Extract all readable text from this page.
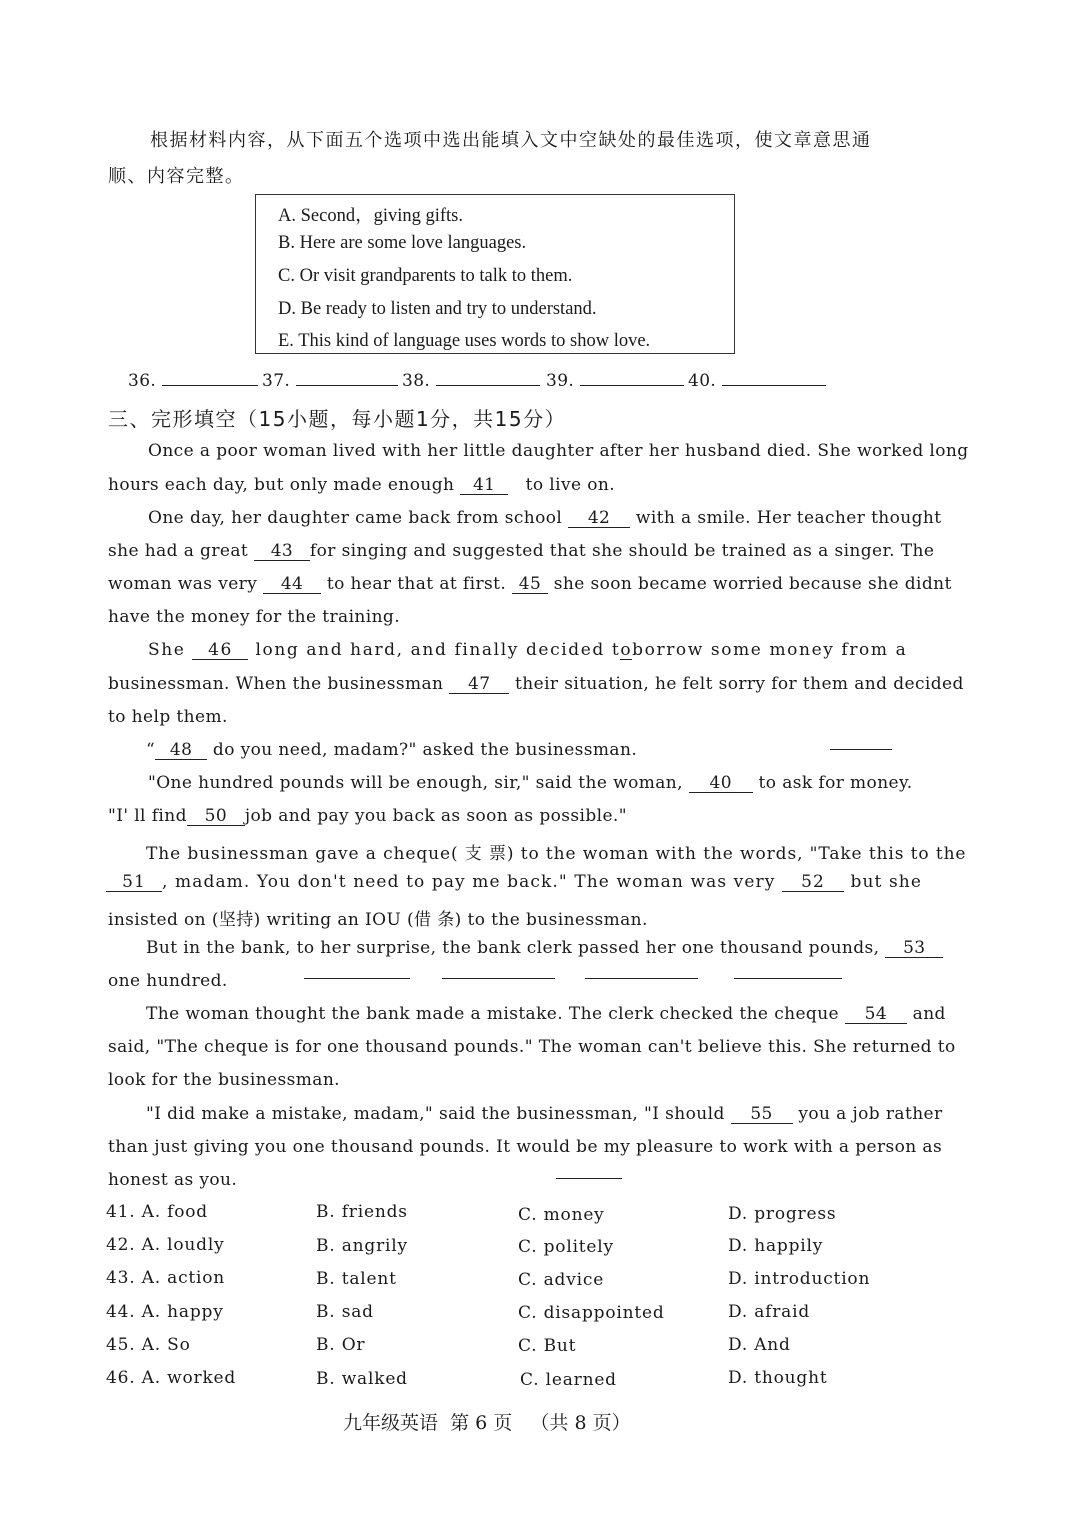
根据材料内容，从下面五个选项中选出能填入文中空缺处的最佳选项，使文章意思通
顺、内容完整。
A. Second，giving gifts.
B. Here are some love languages.
C. Or visit grandparents to talk to them.
D. Be ready to listen and try to understand.
E. This kind of language uses words to show love.
36.	37.	38.	39.	40.
三、完形填空（15小题，每小题1分，共15分）
Once a poor woman lived with her little daughter after her husband died. She worked long
hours each day, but only made enough 41 to live on.
One day, her daughter came back from school 42 with a smile. Her teacher thought
she had a great 43 for singing and suggested that she should be trained as a singer. The
woman was very 44 to hear that at first. 45 she soon became worried because she didnt
have the money for the training.
She 46 long and hard, and finally decided toborrow some money from a
businessman. When the businessman 47 their situation, he felt sorry for them and decided
to help them.
“ 48 do you need, madam?" asked the businessman.
"One hundred pounds will be enough, sir," said the woman, 40 to ask for money.
"I' ll find 50 job and pay you back as soon as possible."
The businessman gave a cheque( 支 票) to the woman with the words, "Take this to the
51 , madam. You don't need to pay me back." The woman was very 52 but she
insisted on (坚持) writing an IOU (借 条) to the businessman.
But in the bank, to her surprise, the bank clerk passed her one thousand pounds, 53
one hundred.
The woman thought the bank made a mistake. The clerk checked the cheque 54 and
said, "The cheque is for one thousand pounds." The woman can't believe this. She returned to
look for the businessman.
"I did make a mistake, madam," said the businessman, "I should 55 you a job rather
than just giving you one thousand pounds. It would be my pleasure to work with a person as
honest as you.
41. A. food	B. friends	C. money	D. progress
42. A. loudly	B. angrily	C. politely	D. happily
43. A. action	B. talent	C. advice	D. introduction
44. A. happy	B. sad	C. disappointed	D. afraid
45. A. So	B. Or	C. But	D. And
46. A. worked	B. walked	C. learned	D. thought
九年级英语 第 6 页 （共 8 页）
